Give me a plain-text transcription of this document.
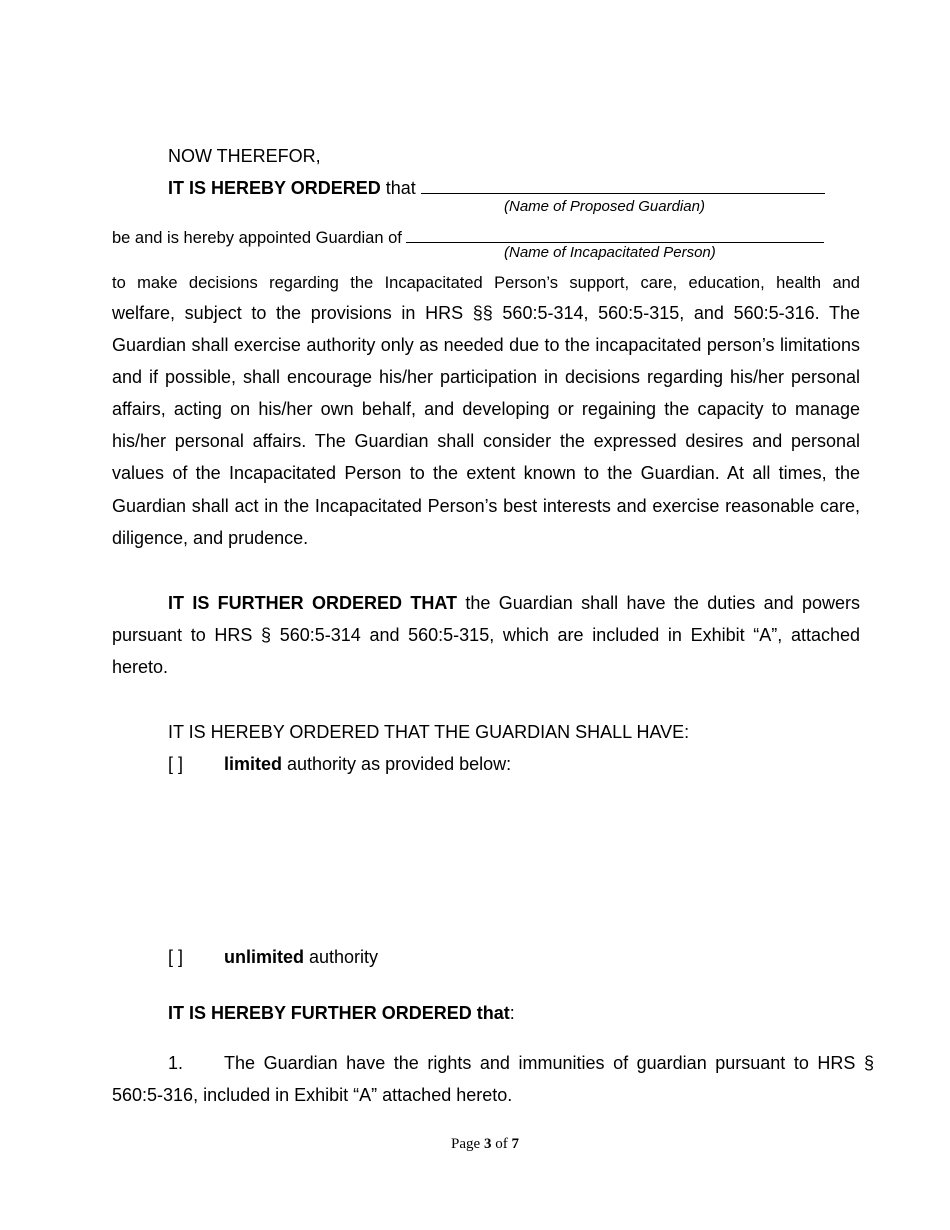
NOW THEREFOR,
IT IS HEREBY ORDERED that
(Name of Proposed Guardian)
be and is hereby appointed Guardian of
(Name of Incapacitated Person)
to make decisions regarding the Incapacitated Person’s support, care, education, health and
welfare, subject to the provisions in HRS §§ 560:5-314, 560:5-315, and 560:5-316. The Guardian shall exercise authority only as needed due to the incapacitated person’s limitations and if possible, shall encourage his/her participation in decisions regarding his/her personal affairs, acting on his/her own behalf, and developing or regaining the capacity to manage his/her personal affairs. The Guardian shall consider the expressed desires and personal values of the Incapacitated Person to the extent known to the Guardian. At all times, the Guardian shall act in the Incapacitated Person’s best interests and exercise reasonable care, diligence, and prudence.
IT IS FURTHER ORDERED THAT the Guardian shall have the duties and powers pursuant to HRS § 560:5-314 and 560:5-315, which are included in Exhibit “A”, attached hereto.
IT IS HEREBY ORDERED THAT THE GUARDIAN SHALL HAVE:
[ ] limited authority as provided below:
[ ] unlimited authority
IT IS HEREBY FURTHER ORDERED that:
1. The Guardian have the rights and immunities of guardian pursuant to HRS §
560:5-316, included in Exhibit “A” attached hereto.
Page 3 of 7
